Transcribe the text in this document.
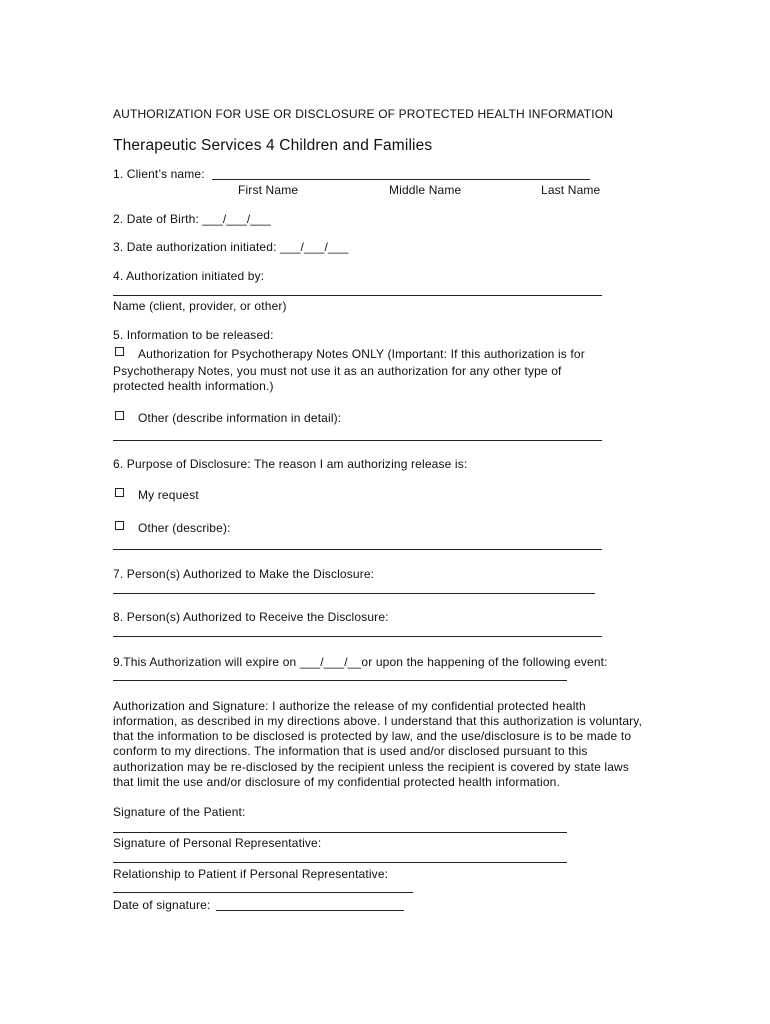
AUTHORIZATION FOR USE OR DISCLOSURE OF PROTECTED HEALTH INFORMATION
Therapeutic Services 4 Children and Families
1. Client’s name:
First Name	Middle Name	Last Name
2. Date of Birth: ___/___/___
3. Date authorization initiated: ___/___/___
4. Authorization initiated by:
Name (client, provider, or other)
5. Information to be released:
Authorization for Psychotherapy Notes ONLY (Important: If this authorization is for
Psychotherapy Notes, you must not use it as an authorization for any other type of
protected health information.)
Other (describe information in detail):
6. Purpose of Disclosure: The reason I am authorizing release is:
My request
Other (describe):
7. Person(s) Authorized to Make the Disclosure:
8. Person(s) Authorized to Receive the Disclosure:
9.This Authorization will expire on ___/___/__or upon the happening of the following event:
Authorization and Signature: I authorize the release of my confidential protected health
information, as described in my directions above. I understand that this authorization is voluntary,
that the information to be disclosed is protected by law, and the use/disclosure is to be made to
conform to my directions. The information that is used and/or disclosed pursuant to this
authorization may be re-disclosed by the recipient unless the recipient is covered by state laws
that limit the use and/or disclosure of my confidential protected health information.
Signature of the Patient:
Signature of Personal Representative:
Relationship to Patient if Personal Representative:
Date of signature:
